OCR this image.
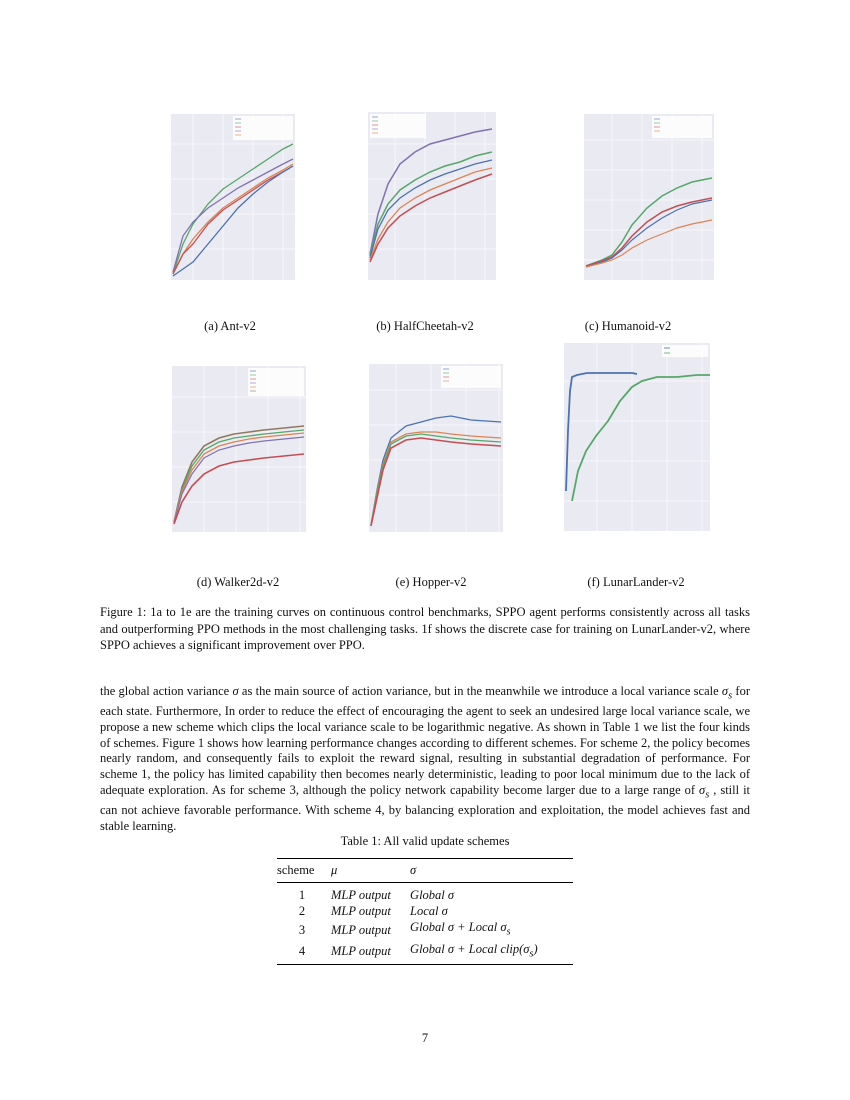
(a) Ant-v2	(b) HalfCheetah-v2	(c) Humanoid-v2
(d) Walker2d-v2	(e) Hopper-v2	(f) LunarLander-v2
Figure 1: 1a to 1e are the training curves on continuous control benchmarks, SPPO agent performs consistently across all tasks and outperforming PPO methods in the most challenging tasks. 1f shows the discrete case for training on LunarLander-v2, where SPPO achieves a significant improvement over PPO.
the global action variance σ as the main source of action variance, but in the meanwhile we introduce a local variance scale $\sigma_s$ for each state. Furthermore, In order to reduce the effect of encouraging the agent to seek an undesired large local variance scale, we propose a new scheme which clips the local variance scale to be logarithmic negative. As shown in Table 1 we list the four kinds of schemes. Figure 1 shows how learning performance changes according to different schemes. For scheme 2, the policy becomes nearly random, and consequently fails to exploit the reward signal, resulting in substantial degradation of performance. For scheme 1, the policy has limited capability then becomes nearly deterministic, leading to poor local minimum due to the lack of adequate exploration. As for scheme 3, although the policy network capability become larger due to a large range of $\sigma_s$ , still it can not achieve favorable performance. With scheme 4, by balancing exploration and exploitation, the model achieves fast and stable learning.
Table 1: All valid update schemes
scheme	μ	σ
1	MLP output	Global σ
2	MLP output	Local σ
3	MLP output	Global σ + Local $\sigma_s$
4	MLP output	Global σ + Local $clip(\sigma_s)$
7
